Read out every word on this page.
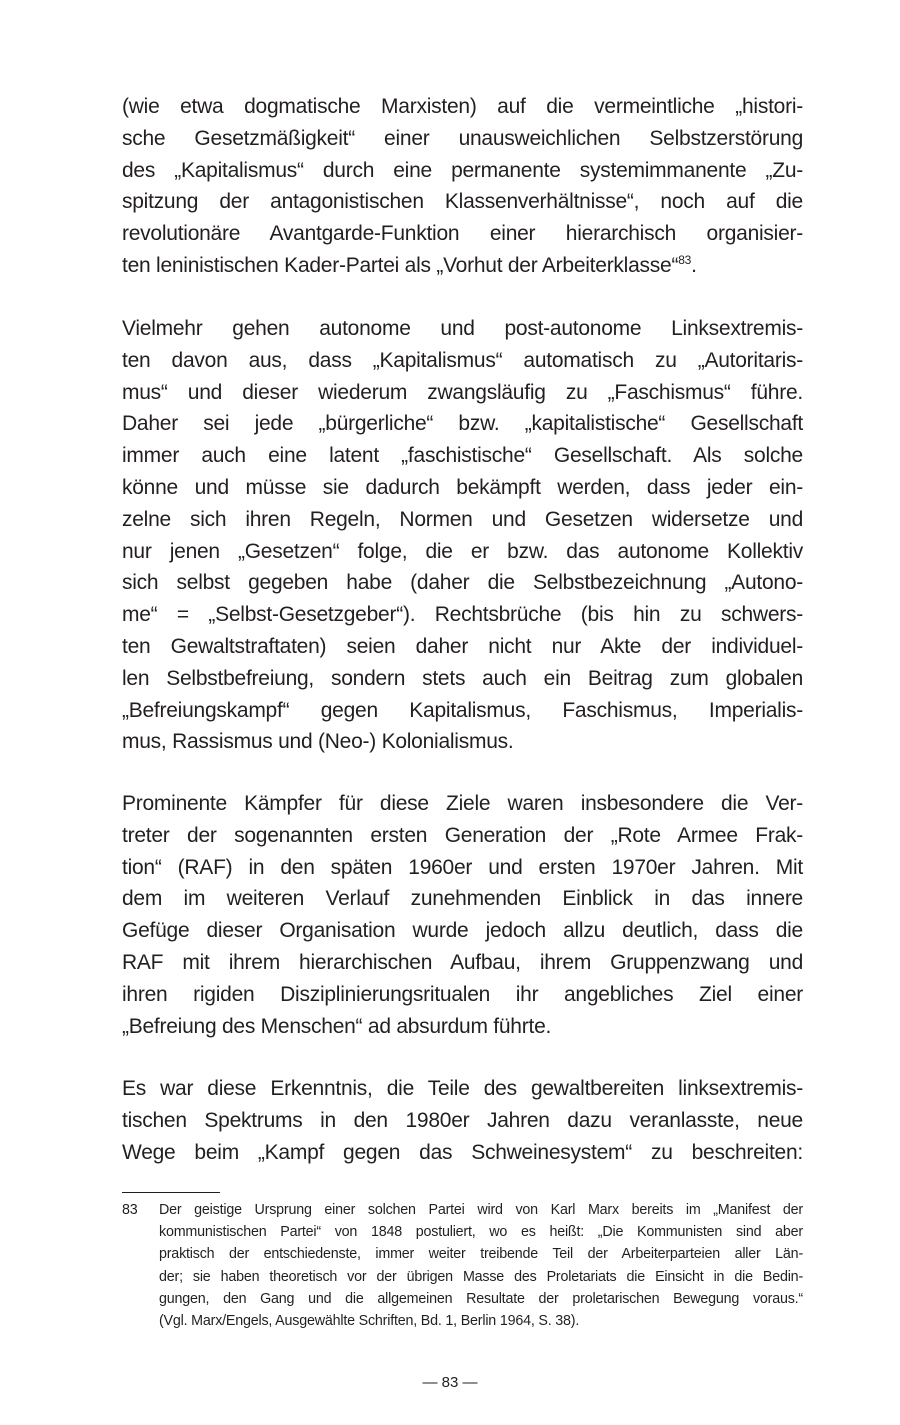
(wie etwa dogmatische Marxisten) auf die vermeintliche „histori-
sche Gesetzmäßigkeit“ einer unausweichlichen Selbstzerstörung
des „Kapitalismus“ durch eine permanente systemimmanente „Zu-
spitzung der antagonistischen Klassenverhältnisse“, noch auf die
revolutionäre Avantgarde-Funktion einer hierarchisch organisier-
ten leninistischen Kader-Partei als „Vorhut der Arbeiterklasse“$^{83}$.
Vielmehr gehen autonome und post-autonome Linksextremis-
ten davon aus, dass „Kapitalismus“ automatisch zu „Autoritaris-
mus“ und dieser wiederum zwangsläufig zu „Faschismus“ führe.
Daher sei jede „bürgerliche“ bzw. „kapitalistische“ Gesellschaft
immer auch eine latent „faschistische“ Gesellschaft. Als solche
könne und müsse sie dadurch bekämpft werden, dass jeder ein-
zelne sich ihren Regeln, Normen und Gesetzen widersetze und
nur jenen „Gesetzen“ folge, die er bzw. das autonome Kollektiv
sich selbst gegeben habe (daher die Selbstbezeichnung „Autono-
me“ = „Selbst-Gesetzgeber“). Rechtsbrüche (bis hin zu schwers-
ten Gewaltstraftaten) seien daher nicht nur Akte der individuel-
len Selbstbefreiung, sondern stets auch ein Beitrag zum globalen
„Befreiungskampf“ gegen Kapitalismus, Faschismus, Imperialis-
mus, Rassismus und (Neo-) Kolonialismus.
Prominente Kämpfer für diese Ziele waren insbesondere die Ver-
treter der sogenannten ersten Generation der „Rote Armee Frak-
tion“ (RAF) in den späten 1960er und ersten 1970er Jahren. Mit
dem im weiteren Verlauf zunehmenden Einblick in das innere
Gefüge dieser Organisation wurde jedoch allzu deutlich, dass die
RAF mit ihrem hierarchischen Aufbau, ihrem Gruppenzwang und
ihren rigiden Disziplinierungsritualen ihr angebliches Ziel einer
„Befreiung des Menschen“ ad absurdum führte.
Es war diese Erkenntnis, die Teile des gewaltbereiten linksextremis-
tischen Spektrums in den 1980er Jahren dazu veranlasste, neue
Wege beim „Kampf gegen das Schweinesystem“ zu beschreiten:
83 Der geistige Ursprung einer solchen Partei wird von Karl Marx bereits im „Manifest der
kommunistischen Partei“ von 1848 postuliert, wo es heißt: „Die Kommunisten sind aber
praktisch der entschiedenste, immer weiter treibende Teil der Arbeiterparteien aller Län-
der; sie haben theoretisch vor der übrigen Masse des Proletariats die Einsicht in die Bedin-
gungen, den Gang und die allgemeinen Resultate der proletarischen Bewegung voraus.“
(Vgl. Marx/Engels, Ausgewählte Schriften, Bd. 1, Berlin 1964, S. 38).
— 83 —
